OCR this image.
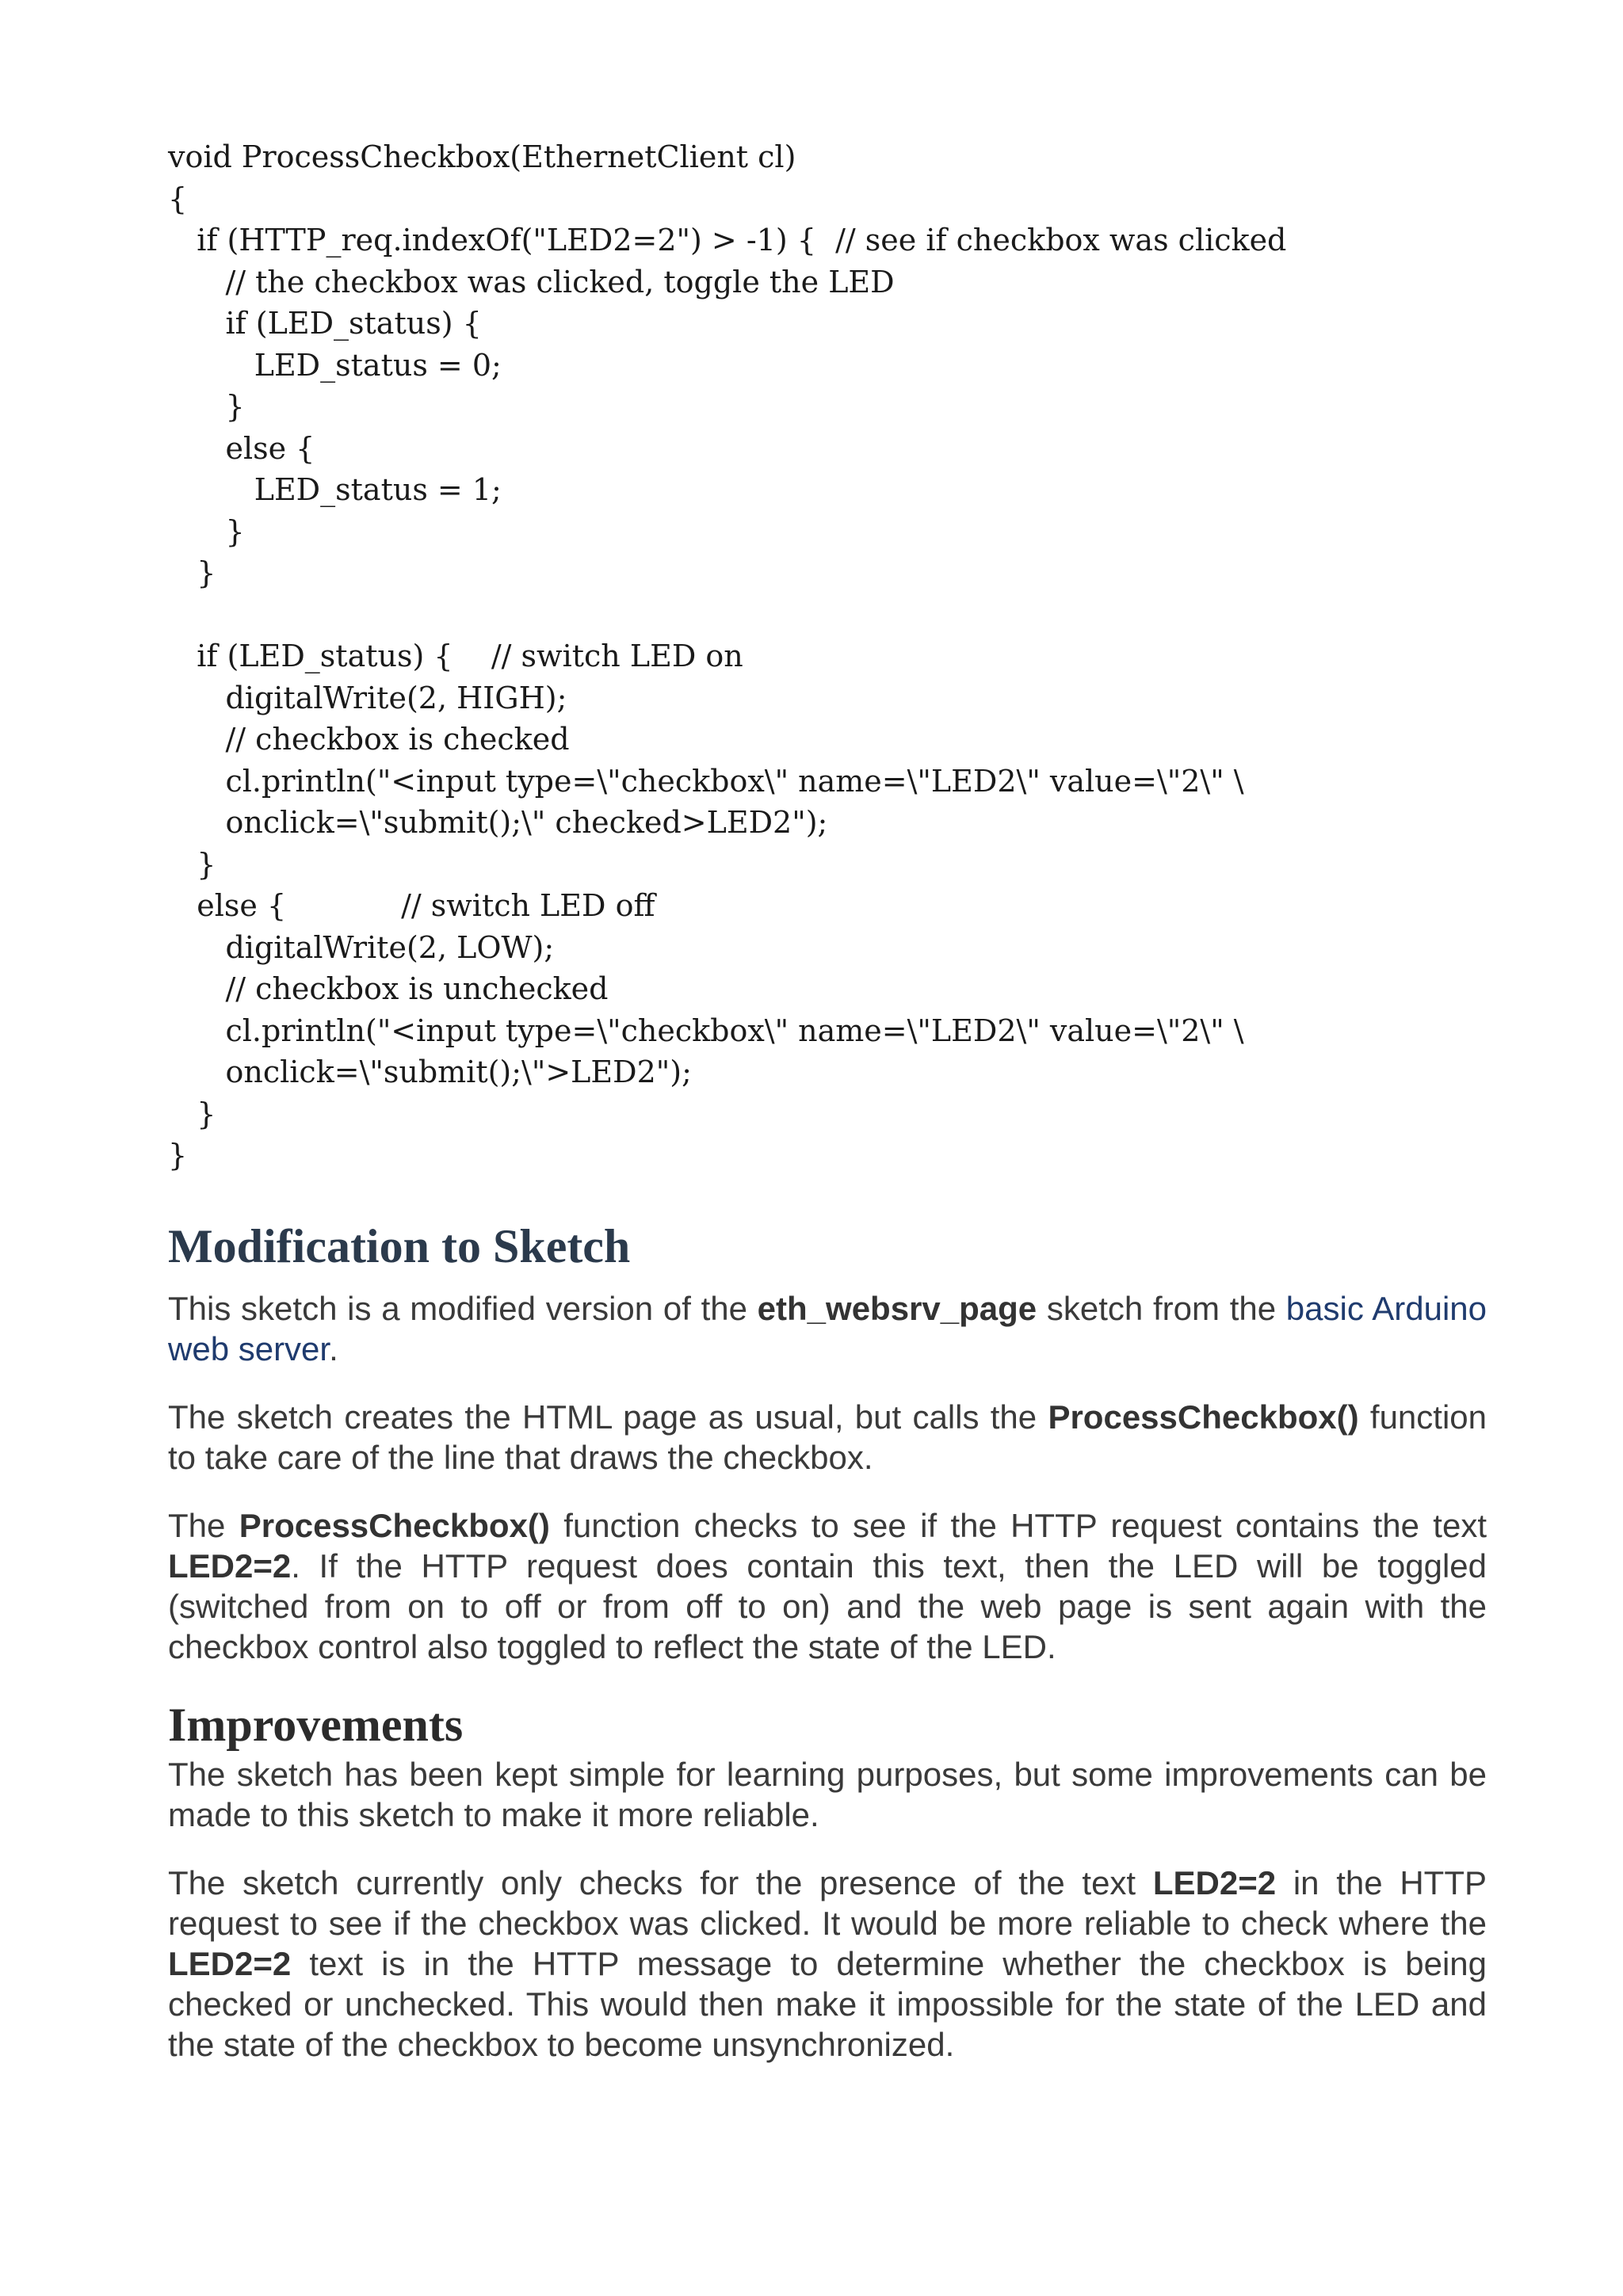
void ProcessCheckbox(EthernetClient cl)
{
if (HTTP_req.indexOf("LED2=2") > -1) {  // see if checkbox was clicked
// the checkbox was clicked, toggle the LED
if (LED_status) {
LED_status = 0;
}
else {
LED_status = 1;
}
}
if (LED_status) {    // switch LED on
digitalWrite(2, HIGH);
// checkbox is checked
cl.println("<input type=\"checkbox\" name=\"LED2\" value=\"2\" \
onclick=\"submit();\" checked>LED2");
}
else {            // switch LED off
digitalWrite(2, LOW);
// checkbox is unchecked
cl.println("<input type=\"checkbox\" name=\"LED2\" value=\"2\" \
onclick=\"submit();\">LED2");
}
}
Modification to Sketch

This sketch is a modified version of the eth_websrv_page sketch from the basic Arduino web server.

The sketch creates the HTML page as usual, but calls the ProcessCheckbox() function to take care of the line that draws the checkbox.

The ProcessCheckbox() function checks to see if the HTTP request contains the text LED2=2. If the HTTP request does contain this text, then the LED will be toggled (switched from on to off or from off to on) and the web page is sent again with the checkbox control also toggled to reflect the state of the LED.

Improvements

The sketch has been kept simple for learning purposes, but some improvements can be made to this sketch to make it more reliable.

The sketch currently only checks for the presence of the text LED2=2 in the HTTP request to see if the checkbox was clicked. It would be more reliable to check where the LED2=2 text is in the HTTP message to determine whether the checkbox is being checked or unchecked. This would then make it impossible for the state of the LED and the state of the checkbox to become unsynchronized.
